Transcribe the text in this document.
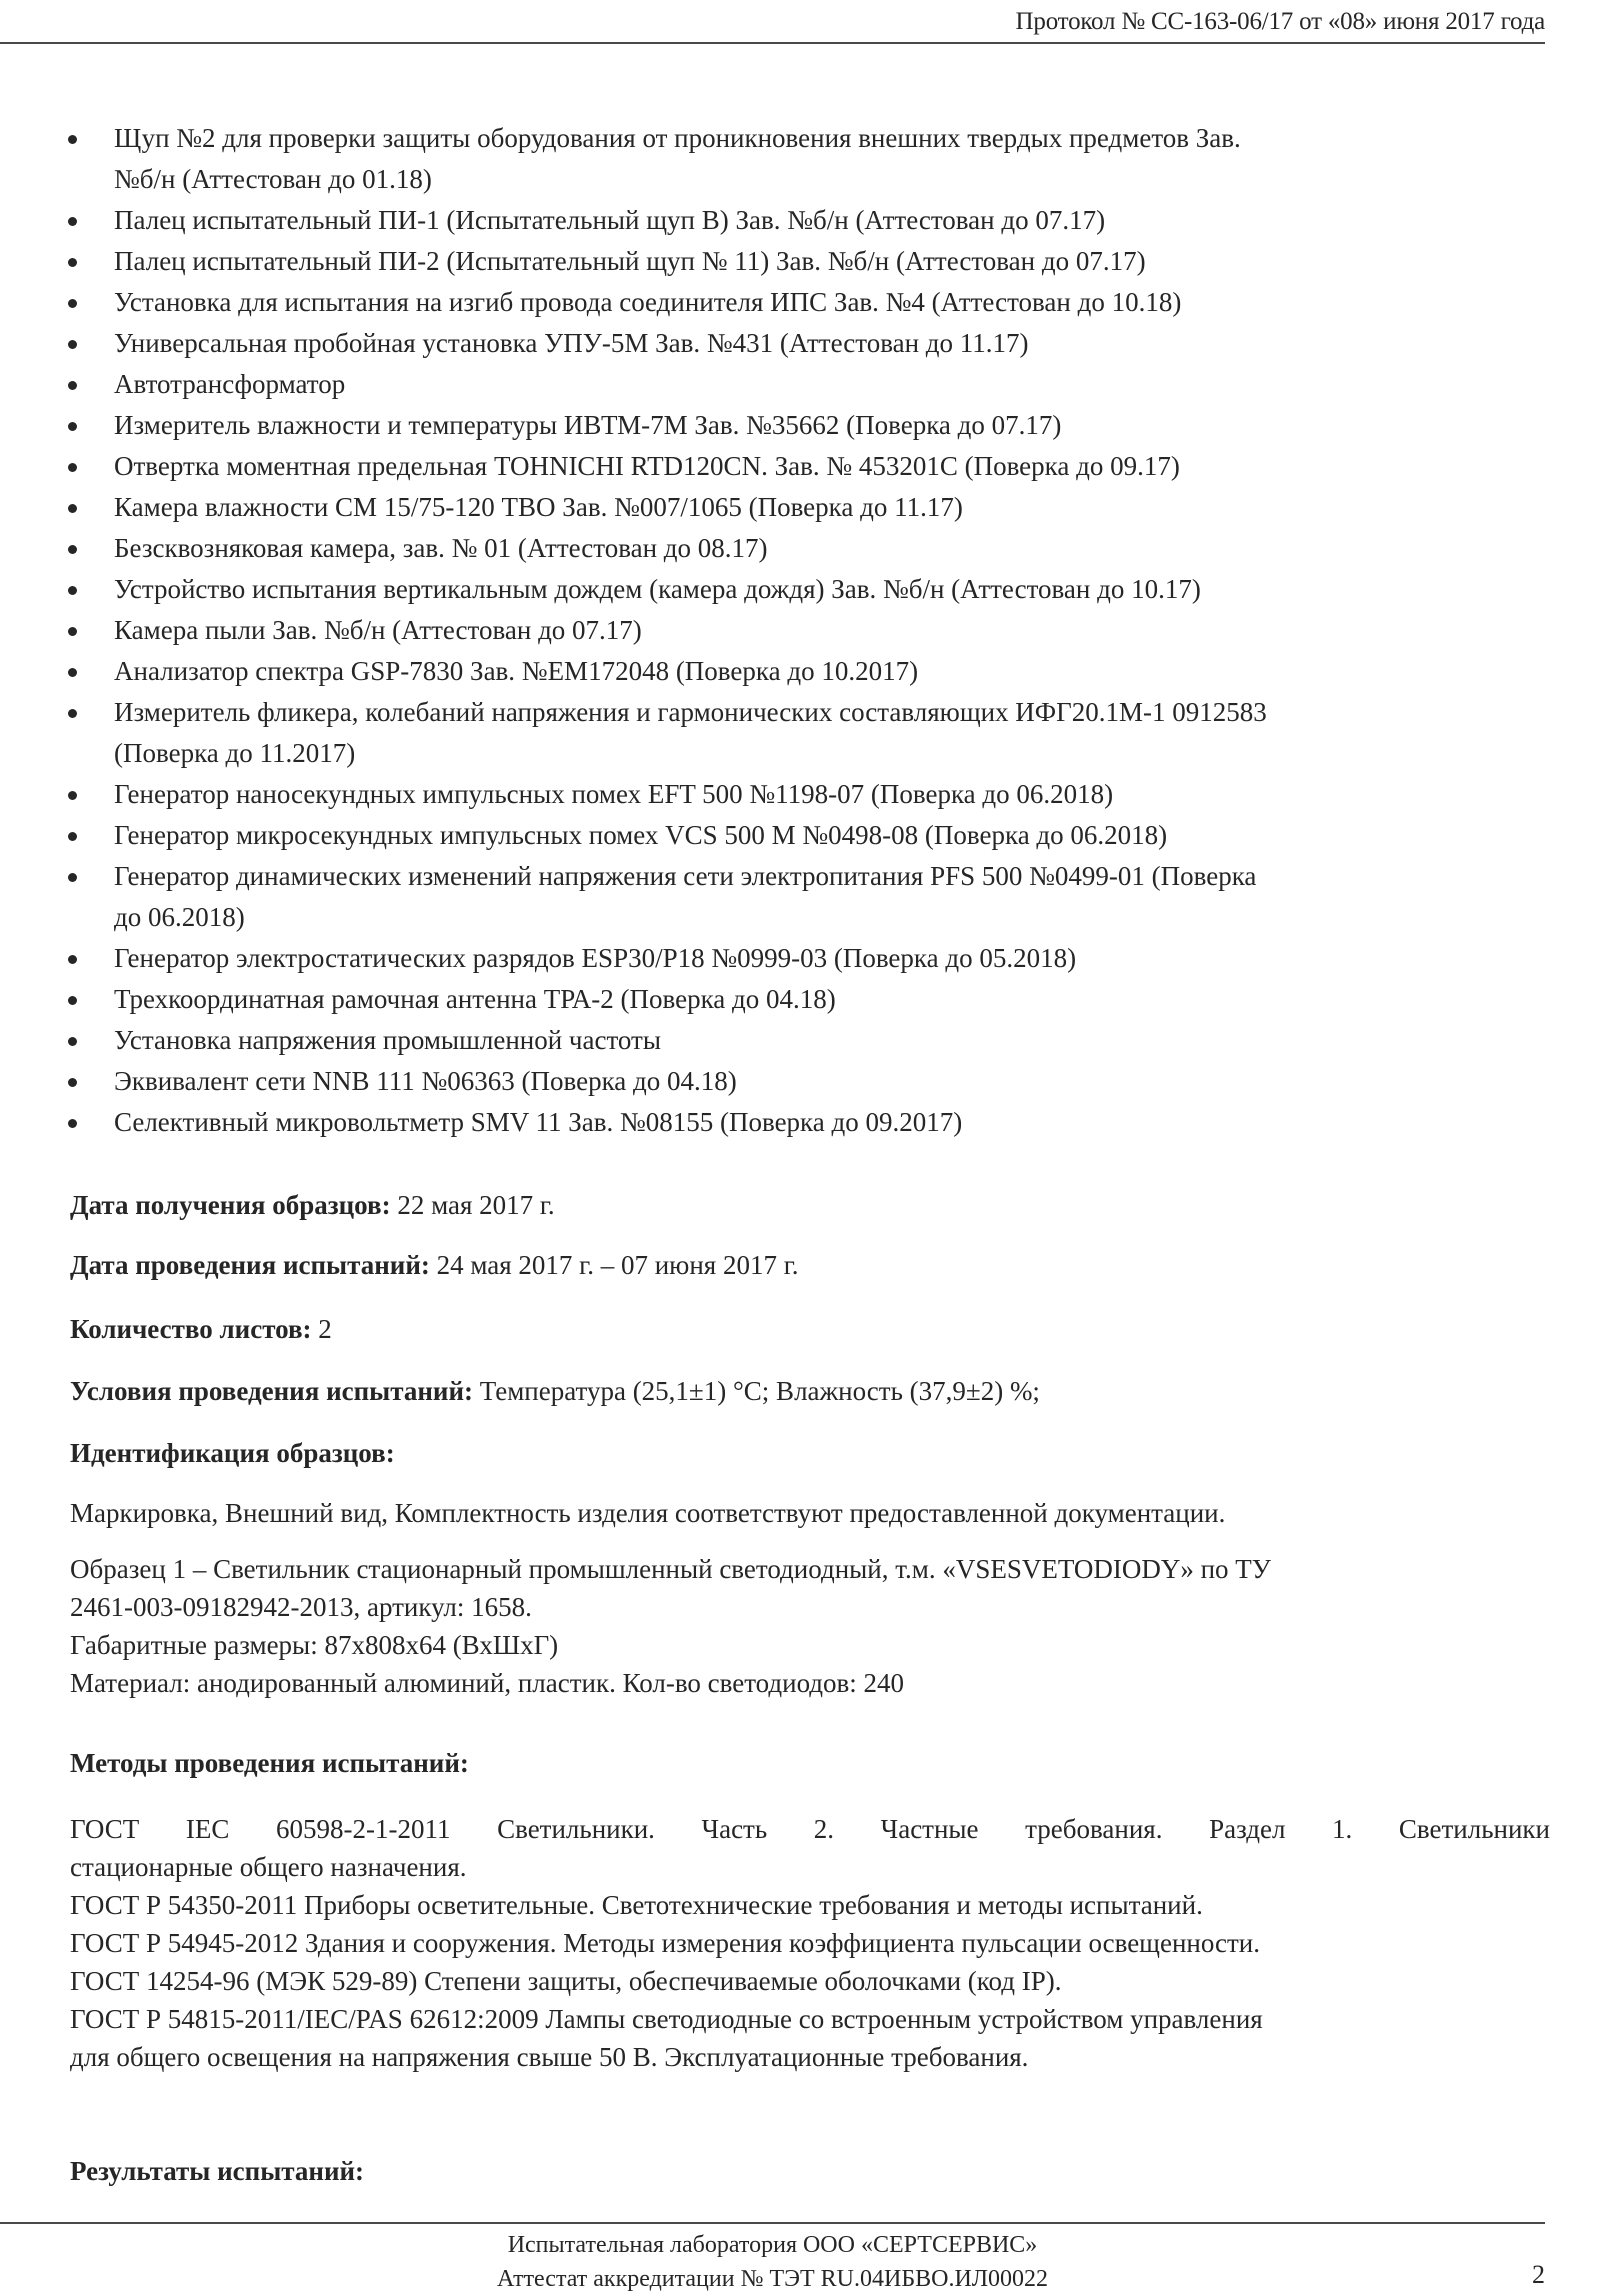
Протокол № СС-163-06/17 от «08» июня 2017 года
Щуп №2 для проверки защиты оборудования от проникновения внешних твердых предметов Зав.
№б/н (Аттестован до 01.18)
Палец испытательный ПИ-1 (Испытательный щуп В) Зав. №б/н (Аттестован до 07.17)
Палец испытательный ПИ-2 (Испытательный щуп № 11) Зав. №б/н (Аттестован до 07.17)
Установка для испытания на изгиб провода соединителя ИПС Зав. №4 (Аттестован до 10.18)
Универсальная пробойная установка УПУ-5М Зав. №431 (Аттестован до 11.17)
Автотрансформатор
Измеритель влажности и температуры ИВТМ-7М Зав. №35662 (Поверка до 07.17)
Отвертка моментная предельная TOHNICHI RTD120CN. Зав. № 453201C (Поверка до 09.17)
Камера влажности СМ 15/75-120 ТВО Зав. №007/1065 (Поверка до 11.17)
Безсквозняковая камера, зав. № 01 (Аттестован до 08.17)
Устройство испытания вертикальным дождем (камера дождя) Зав. №б/н (Аттестован до 10.17)
Камера пыли Зав. №б/н (Аттестован до 07.17)
Анализатор спектра GSP-7830 Зав. №EM172048 (Поверка до 10.2017)
Измеритель фликера, колебаний напряжения и гармонических составляющих ИФГ20.1М-1 0912583
(Поверка до 11.2017)
Генератор наносекундных импульсных помех EFT 500 №1198-07 (Поверка до 06.2018)
Генератор микросекундных импульсных помех VCS 500 M №0498-08 (Поверка до 06.2018)
Генератор динамических изменений напряжения сети электропитания PFS 500 №0499-01 (Поверка
до 06.2018)
Генератор электростатических разрядов ESP30/P18 №0999-03 (Поверка до 05.2018)
Трехкоординатная рамочная антенна ТРА-2 (Поверка до 04.18)
Установка напряжения промышленной частоты
Эквивалент сети NNB 111 №06363 (Поверка до 04.18)
Селективный микровольтметр SMV 11 Зав. №08155 (Поверка до 09.2017)
Дата получения образцов: 22 мая 2017 г.
Дата проведения испытаний: 24 мая 2017 г. – 07 июня 2017 г.
Количество листов: 2
Условия проведения испытаний: Температура (25,1±1) °С; Влажность (37,9±2) %;
Идентификация образцов:
Маркировка, Внешний вид, Комплектность изделия соответствуют предоставленной документации.
Образец 1 – Светильник стационарный промышленный светодиодный, т.м. «VSESVETODIODY» по ТУ
2461-003-09182942-2013, артикул: 1658.
Габаритные размеры: 87х808х64 (ВхШхГ)
Материал: анодированный алюминий, пластик. Кол-во светодиодов: 240
Методы проведения испытаний:
ГОСТ IEC 60598-2-1-2011 Светильники. Часть 2. Частные требования. Раздел 1. Светильники
стационарные общего назначения.
ГОСТ Р 54350-2011 Приборы осветительные. Светотехнические требования и методы испытаний.
ГОСТ Р 54945-2012 Здания и сооружения. Методы измерения коэффициента пульсации освещенности.
ГОСТ 14254-96 (МЭК 529-89) Степени защиты, обеспечиваемые оболочками (код IP).
ГОСТ Р 54815-2011/IEC/PAS 62612:2009 Лампы светодиодные со встроенным устройством управления
для общего освещения на напряжения свыше 50 В. Эксплуатационные требования.
Результаты испытаний:
Испытательная лаборатория ООО «СЕРТСЕРВИС»
Аттестат аккредитации № ТЭТ RU.04ИБВО.ИЛ00022	2
